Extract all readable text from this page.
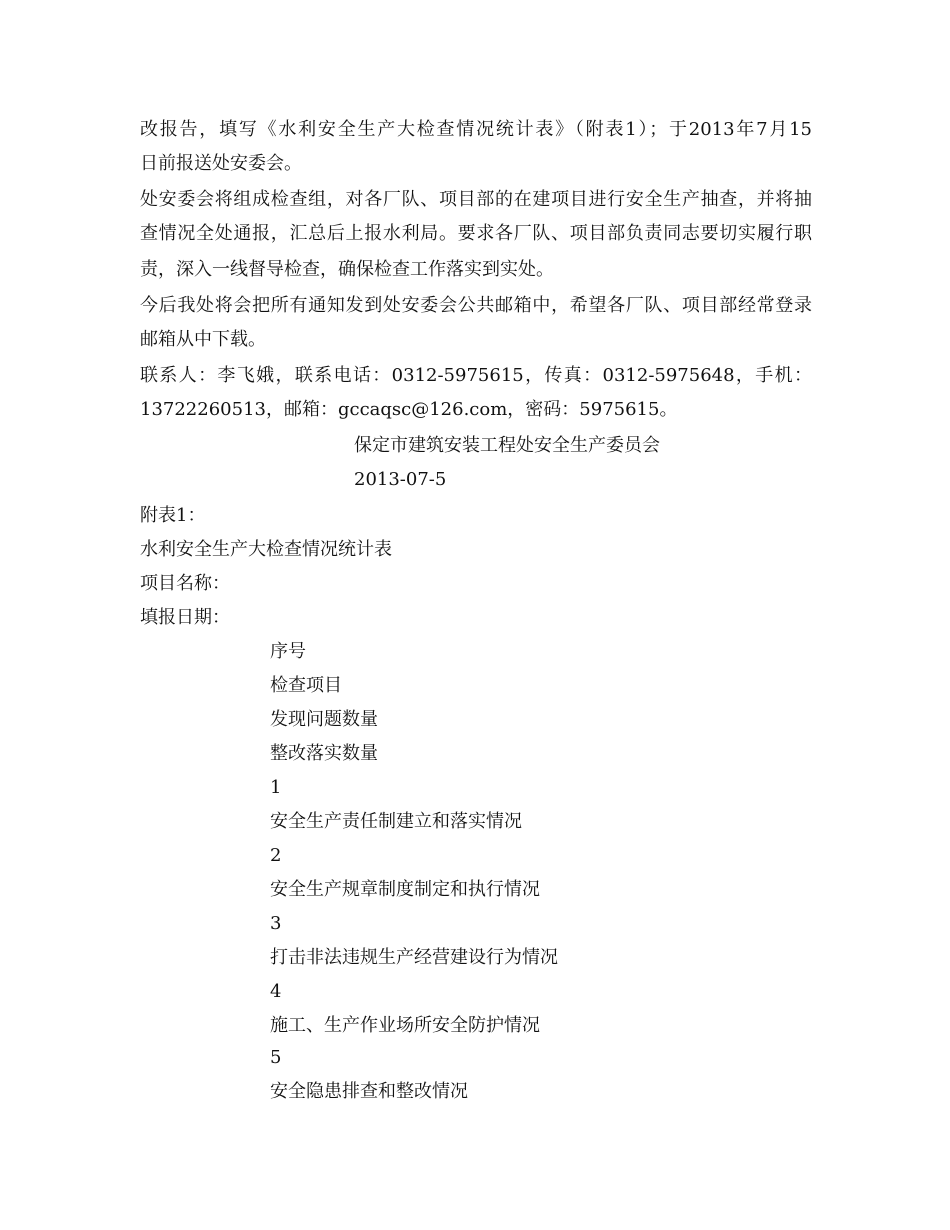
改报告，填写《水利安全生产大检查情况统计表》（附表1）；于2013年7月15
日前报送处安委会。
处安委会将组成检查组，对各厂队、项目部的在建项目进行安全生产抽查，并将抽
查情况全处通报，汇总后上报水利局。要求各厂队、项目部负责同志要切实履行职
责，深入一线督导检查，确保检查工作落实到实处。
今后我处将会把所有通知发到处安委会公共邮箱中，希望各厂队、项目部经常登录
邮箱从中下载。
联系人：李飞娥，联系电话：0312-5975615，传真：0312-5975648，手机：
13722260513，邮箱：gccaqsc@126.com，密码：5975615。
保定市建筑安装工程处安全生产委员会
2013-07-5
附表1：
水利安全生产大检查情况统计表
项目名称：
填报日期：
序号
检查项目
发现问题数量
整改落实数量
1
安全生产责任制建立和落实情况
2
安全生产规章制度制定和执行情况
3
打击非法违规生产经营建设行为情况
4
施工、生产作业场所安全防护情况
5
安全隐患排查和整改情况
